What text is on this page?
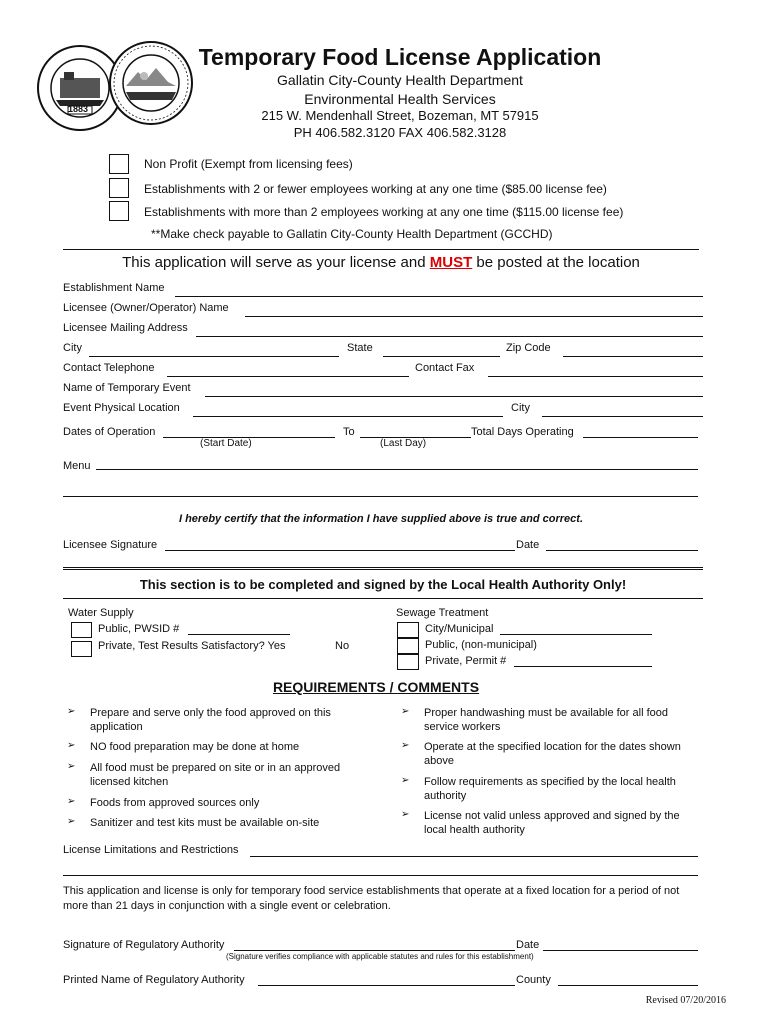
1883
Temporary Food License Application
Gallatin City-County Health Department
Environmental Health Services
215 W. Mendenhall Street, Bozeman, MT 57915
PH 406.582.3120 FAX 406.582.3128
Non Profit (Exempt from licensing fees)
Establishments with 2 or fewer employees working at any one time ($85.00 license fee)
Establishments with more than 2 employees working at any one time ($115.00 license fee)
**Make check payable to Gallatin City-County Health Department (GCCHD)
This application will serve as your license and MUST be posted at the location
Establishment Name
Licensee (Owner/Operator) Name
Licensee Mailing Address
City	State	Zip Code
Contact Telephone	Contact Fax
Name of Temporary Event
Event Physical Location	City
Dates of Operation	To	Total Days Operating
(Start Date)	(Last Day)
Menu
I hereby certify that the information I have supplied above is true and correct.
Licensee Signature	Date
This section is to be completed and signed by the Local Health Authority Only!
Water Supply
Public, PWSID #
Private, Test Results Satisfactory? Yes	No
Sewage Treatment
City/Municipal
Public, (non-municipal)
Private, Permit #
REQUIREMENTS / COMMENTS
➢ Prepare and serve only the food approved on this application
➢ NO food preparation may be done at home
➢ All food must be prepared on site or in an approved licensed kitchen
➢ Foods from approved sources only
➢ Sanitizer and test kits must be available on-site
➢ Proper handwashing must be available for all food service workers
➢ Operate at the specified location for the dates shown above
➢ Follow requirements as specified by the local health authority
➢ License not valid unless approved and signed by the local health authority
License Limitations and Restrictions
This application and license is only for temporary food service establishments that operate at a fixed location for a period of not more than 21 days in conjunction with a single event or celebration.
Signature of Regulatory Authority	Date
(Signature verifies compliance with applicable statutes and rules for this establishment)
Printed Name of Regulatory Authority	County
Revised 07/20/2016
